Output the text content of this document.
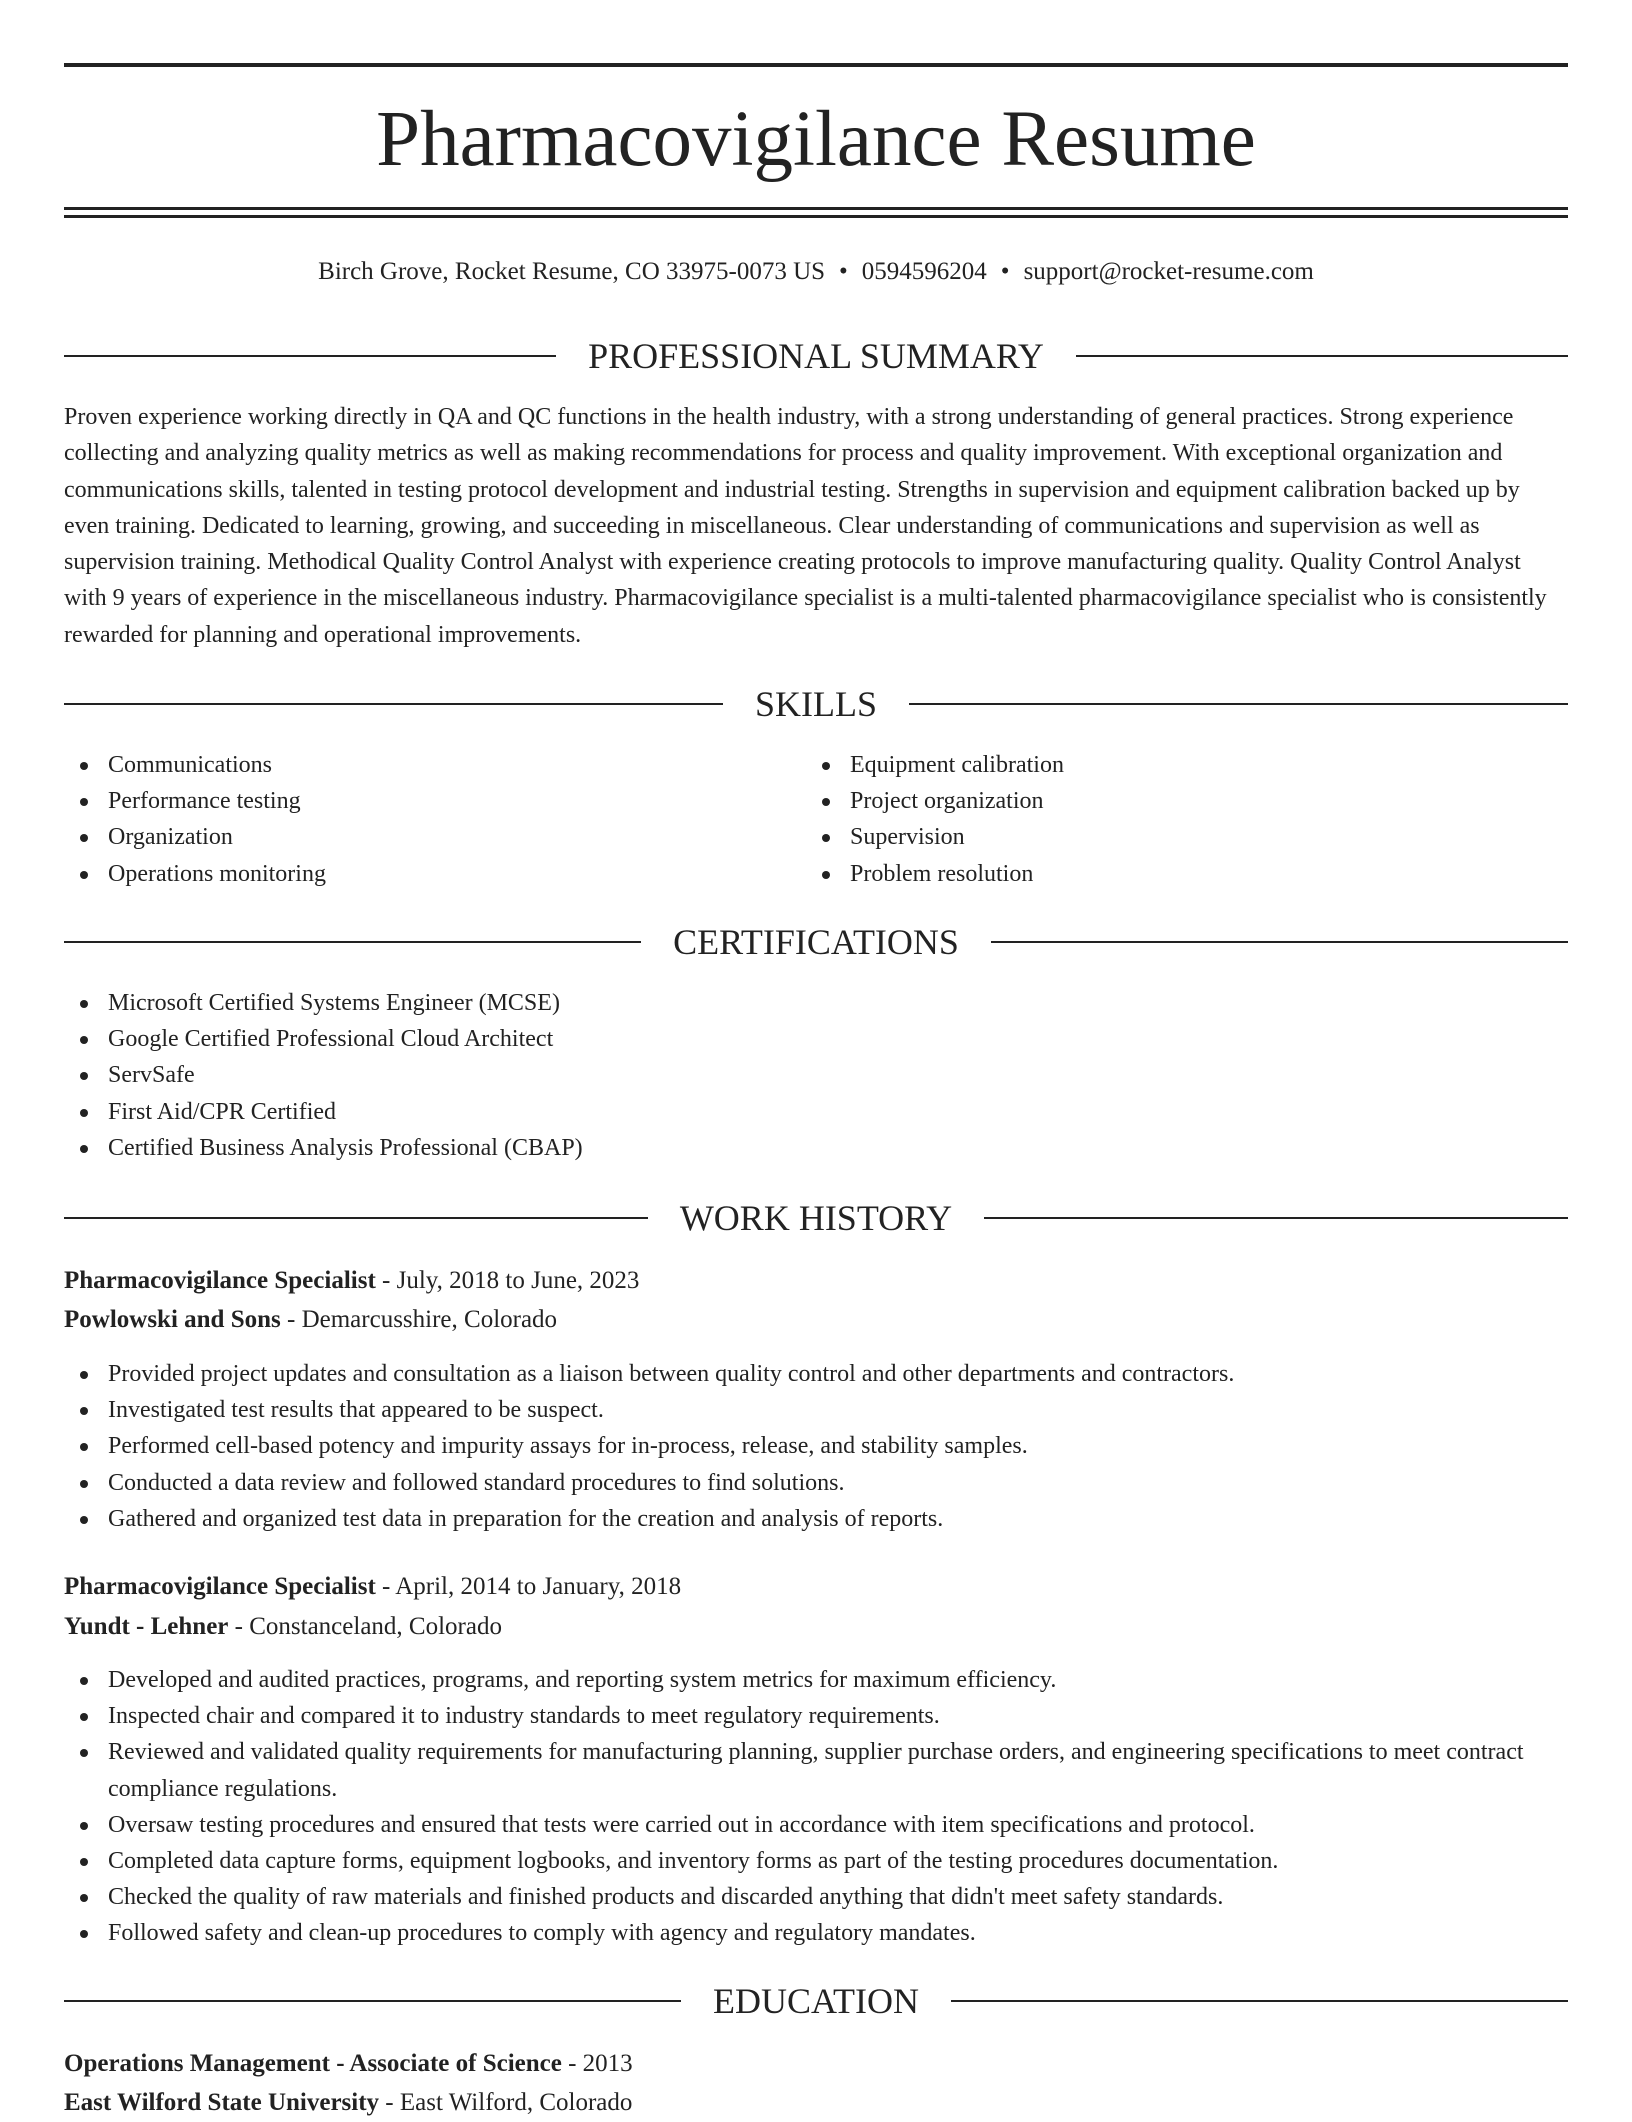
Pharmacovigilance Resume
Birch Grove, Rocket Resume, CO 33975-0073 US • 0594596204 • support@rocket-resume.com
PROFESSIONAL SUMMARY

Proven experience working directly in QA and QC functions in the health industry, with a strong understanding of general practices. Strong experience collecting and analyzing quality metrics as well as making recommendations for process and quality improvement. With exceptional organization and communications skills, talented in testing protocol development and industrial testing. Strengths in supervision and equipment calibration backed up by even training. Dedicated to learning, growing, and succeeding in miscellaneous. Clear understanding of communications and supervision as well as supervision training. Methodical Quality Control Analyst with experience creating protocols to improve manufacturing quality. Quality Control Analyst with 9 years of experience in the miscellaneous industry. Pharmacovigilance specialist is a multi-talented pharmacovigilance specialist who is consistently rewarded for planning and operational improvements.

SKILLS
Communications
Performance testing
Organization
Operations monitoring
Equipment calibration
Project organization
Supervision
Problem resolution
CERTIFICATIONS
Microsoft Certified Systems Engineer (MCSE)
Google Certified Professional Cloud Architect
ServSafe
First Aid/CPR Certified
Certified Business Analysis Professional (CBAP)
WORK HISTORY
Pharmacovigilance Specialist - July, 2018 to June, 2023
Powlowski and Sons - Demarcusshire, Colorado
Provided project updates and consultation as a liaison between quality control and other departments and contractors.
Investigated test results that appeared to be suspect.
Performed cell-based potency and impurity assays for in-process, release, and stability samples.
Conducted a data review and followed standard procedures to find solutions.
Gathered and organized test data in preparation for the creation and analysis of reports.
Pharmacovigilance Specialist - April, 2014 to January, 2018
Yundt - Lehner - Constanceland, Colorado
Developed and audited practices, programs, and reporting system metrics for maximum efficiency.
Inspected chair and compared it to industry standards to meet regulatory requirements.
Reviewed and validated quality requirements for manufacturing planning, supplier purchase orders, and engineering specifications to meet contract compliance regulations.
Oversaw testing procedures and ensured that tests were carried out in accordance with item specifications and protocol.
Completed data capture forms, equipment logbooks, and inventory forms as part of the testing procedures documentation.
Checked the quality of raw materials and finished products and discarded anything that didn't meet safety standards.
Followed safety and clean-up procedures to comply with agency and regulatory mandates.
EDUCATION
Operations Management - Associate of Science - 2013
East Wilford State University - East Wilford, Colorado
